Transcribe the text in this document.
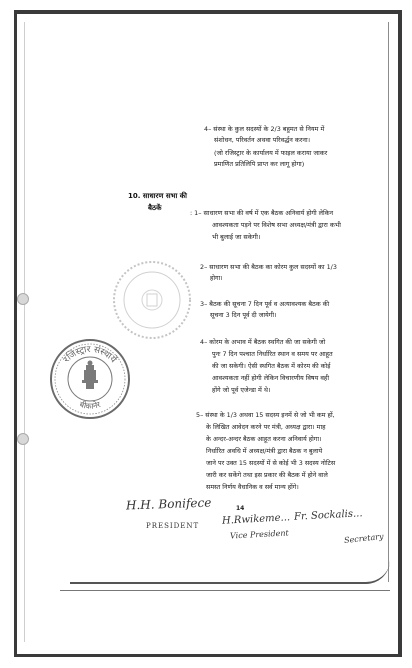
4– संस्था के कुल सदस्यों के 2/3 बहुमत से नियम में
संशोधन, परिवर्तन अथवा परिवर्द्धन करना।
(जो रजिस्ट्रार के कार्यालय में फाइल कराया जाकर
प्रमाणित प्रतिलिपि प्राप्त कर लागू होगा)
10. साधारण सभा की
बैठकें
: 1– साधारण सभा की वर्ष में एक बैठक अनिवार्य होगी लेकिन
आवश्यकता पड़ने पर विशेष सभा अध्यक्ष/मंत्री द्वारा कभी
भी बुलाई जा सकेगी।
2– साधारण सभा की बैठक का कोरम कुल सदस्यों का 1/3
होगा।
3– बैठक की सूचना 7 दिन पूर्व व अत्यावश्यक बैठक की
सूचना 3 दिन पूर्व दी जायेगी।
4– कोरम के अभाव में बैठक स्थगित की जा सकेगी जो
पुनः 7 दिन पश्चात निर्धारित स्थान व समय पर आहूत
की जा सकेगी। ऐसी स्थगित बैठक में कोरम की कोई
आवश्यकता नहीं होगी लेकिन विचारणीय विषय वही
होंगे जो पूर्व एजेन्डा में थे।
5– संस्था के 1/3 अथवा 15 सदस्य इनमें से जो भी कम हों,
के लिखित आवेदन करने पर मंत्री, अध्यक्ष द्वारा। माह
के अन्दर-अन्दर बैठक आहूत करना अनिवार्य होगा।
निर्धारित अवधि में अध्यक्ष/मंत्री द्वारा बैठक न बुलाये
जाने पर उक्त 15 सदस्यों में से कोई भी 3 सदस्य नोटिस
जारी कर सकेंगे तथा इस प्रकार की बैठक में होने वाले
समस्त निर्णय वैधानिक व सर्व मान्य होंगे।
रजिस्ट्रार संस्थायें
बीकानेर
H.H. Bonifece
PRESIDENT
14
H.Rwikeme...
Vice President
Fr. Sockalis...
Secretary
